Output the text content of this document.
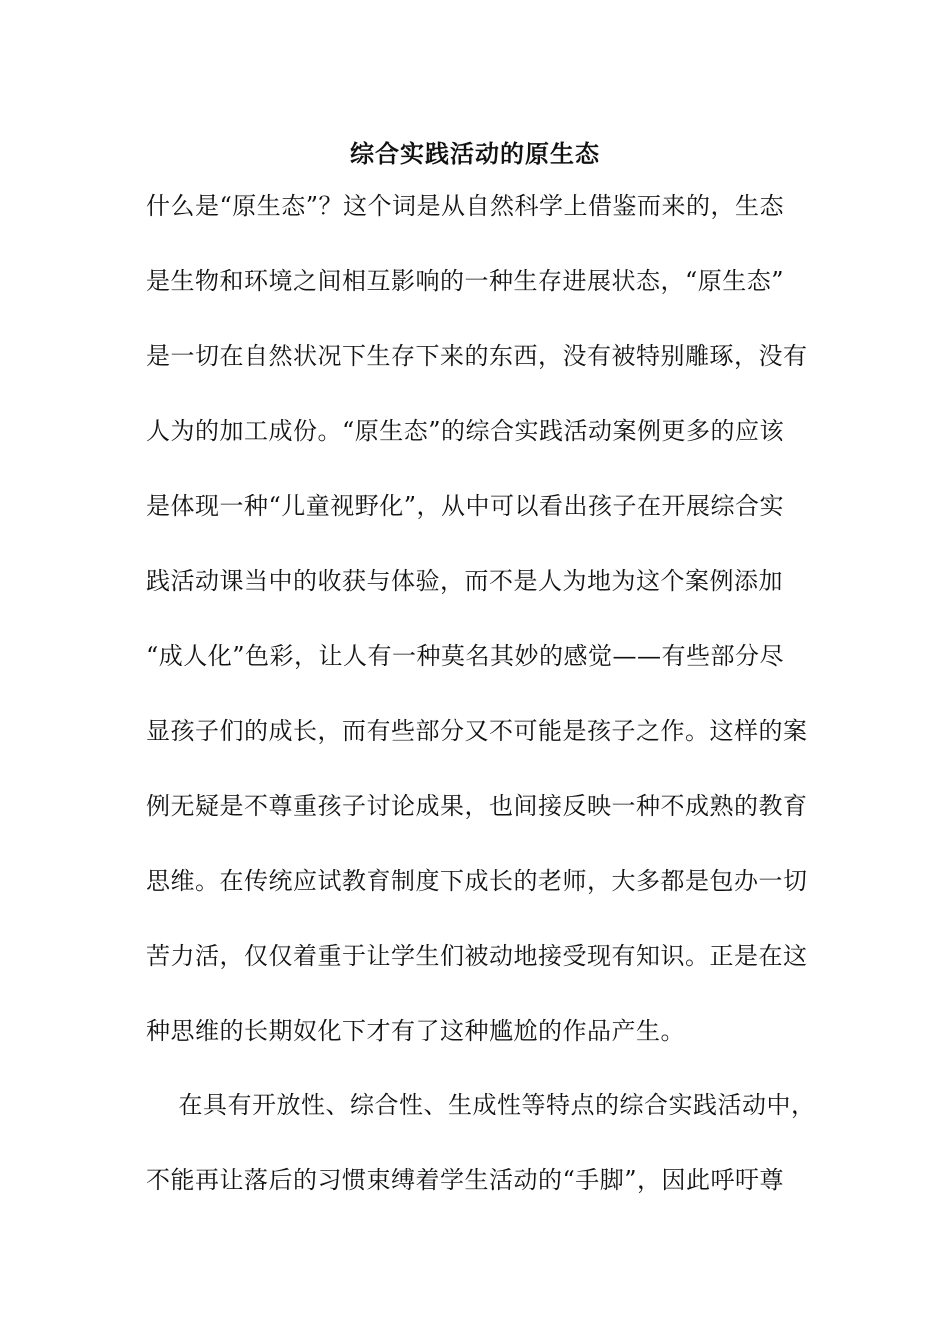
综合实践活动的原生态
什么是“原生态”？这个词是从自然科学上借鉴而来的，生态
是生物和环境之间相互影响的一种生存进展状态，“原生态”
是一切在自然状况下生存下来的东西，没有被特别雕琢，没有
人为的加工成份。“原生态”的综合实践活动案例更多的应该
是体现一种“儿童视野化”，从中可以看出孩子在开展综合实
践活动课当中的收获与体验，而不是人为地为这个案例添加
“成人化”色彩，让人有一种莫名其妙的感觉——有些部分尽
显孩子们的成长，而有些部分又不可能是孩子之作。这样的案
例无疑是不尊重孩子讨论成果，也间接反映一种不成熟的教育
思维。在传统应试教育制度下成长的老师，大多都是包办一切
苦力活，仅仅着重于让学生们被动地接受现有知识。正是在这
种思维的长期奴化下才有了这种尴尬的作品产生。
在具有开放性、综合性、生成性等特点的综合实践活动中，
不能再让落后的习惯束缚着学生活动的“手脚”，因此呼吁尊
